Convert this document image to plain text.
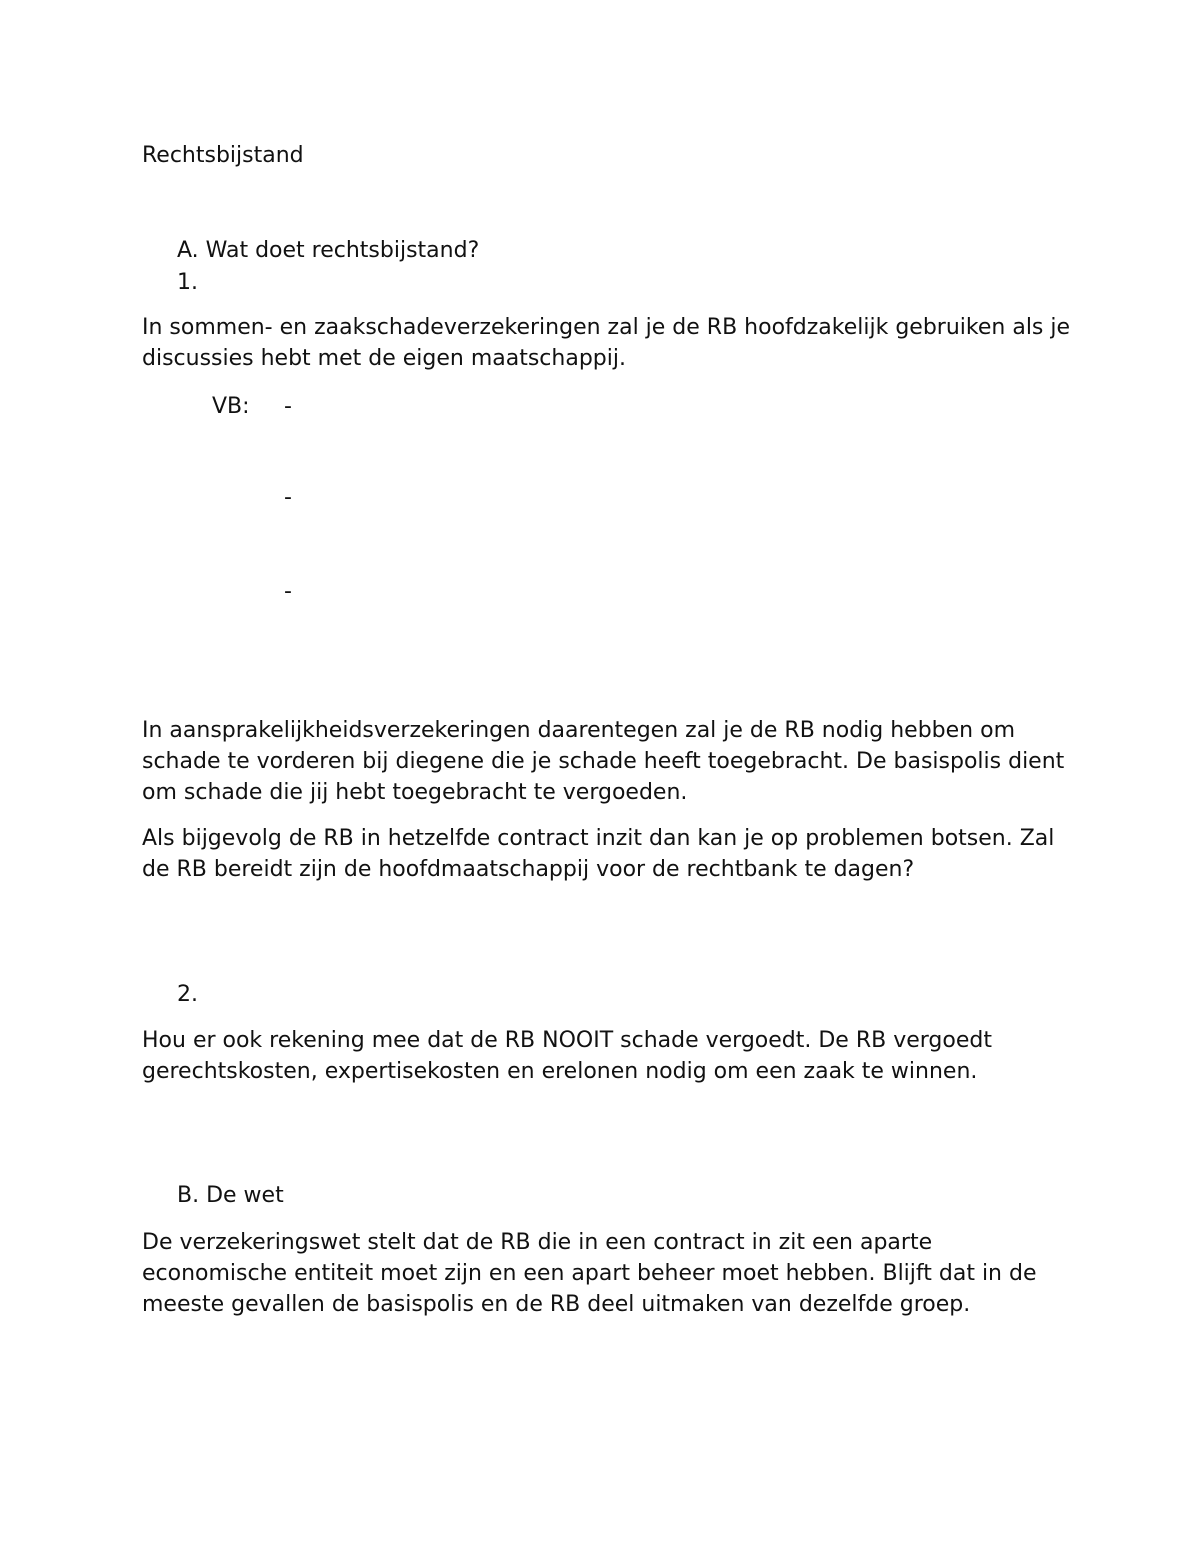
Rechtsbijstand

A. Wat doet rechtsbijstand?

1.

In sommen- en zaakschadeverzekeringen zal je de RB hoofdzakelijk gebruiken als je discussies hebt met de eigen maatschappij.

VB: -
-
-

In aansprakelijkheidsverzekeringen daarentegen zal je de RB nodig hebben om schade te vorderen bij diegene die je schade heeft toegebracht. De basispolis dient om schade die jij hebt toegebracht te vergoeden.

Als bijgevolg de RB in hetzelfde contract inzit dan kan je op problemen botsen. Zal de RB bereidt zijn de hoofdmaatschappij voor de rechtbank te dagen?

2.

Hou er ook rekening mee dat de RB NOOIT schade vergoedt. De RB vergoedt gerechtskosten, expertisekosten en erelonen nodig om een zaak te winnen.

B. De wet

De verzekeringswet stelt dat de RB die in een contract in zit een aparte economische entiteit moet zijn en een apart beheer moet hebben. Blijft dat in de meeste gevallen de basispolis en de RB deel uitmaken van dezelfde groep.
